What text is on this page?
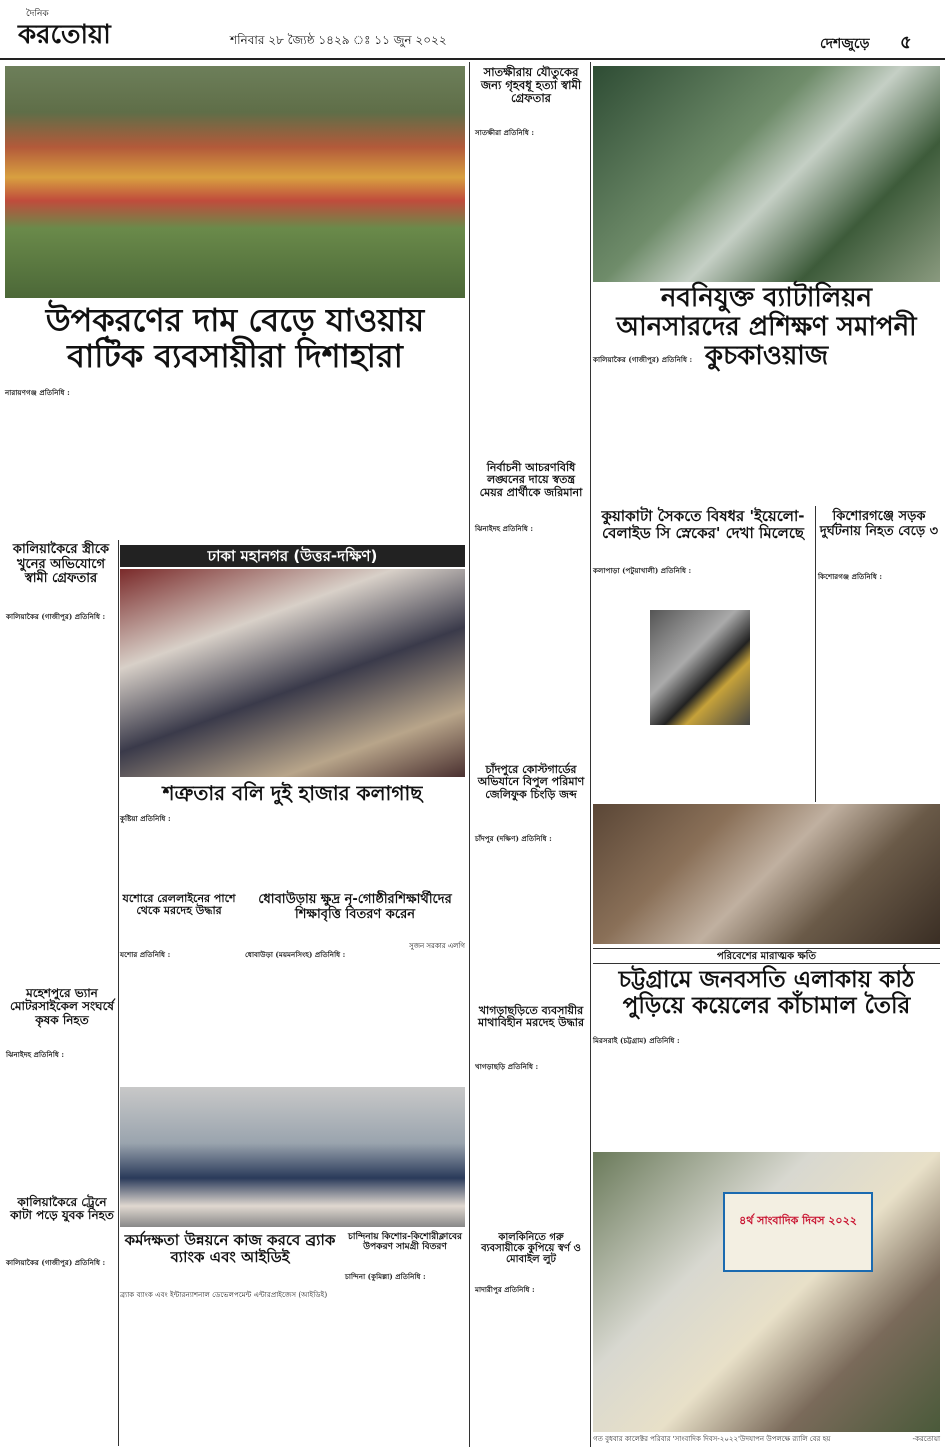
দৈনিক
করতোয়া	শনিবার ২৮ জ্যৈষ্ঠ ১৪২৯ ঃ ১১ জুন ২০২২	দেশজুড়ে	৫
উপকরণের দাম বেড়ে যাওয়ায় বাটিক ব্যবসায়ীরা দিশাহারা
নারায়ণগঞ্জ প্রতিনিধি :
সাতক্ষীরায় যৌতুকের জন্য গৃহবধূ হত্যা স্বামী গ্রেফতার
সাতক্ষীরা প্রতিনিধি :
নবনিযুক্ত ব্যাটালিয়ন আনসারদের প্রশিক্ষণ সমাপনী কুচকাওয়াজ
কালিয়াকৈর (গাজীপুর) প্রতিনিধি :
কালিয়াকৈরে স্ত্রীকে খুনের অভিযোগে স্বামী গ্রেফতার
কালিয়াকৈর (গাজীপুর) প্রতিনিধি :
ঢাকা মহানগর (উত্তর-দক্ষিণ)
নির্বাচনী আচরণবিধি লঙ্ঘনের দায়ে স্বতন্ত্র মেয়র প্রার্থীকে জরিমানা
ঝিনাইদহ প্রতিনিধি :
কুয়াকাটা সৈকতে বিষধর 'ইয়েলো-বেলাইড সি স্নেকের' দেখা মিলেছে
কলাপাড়া (পটুয়াখালী) প্রতিনিধি :
কিশোরগঞ্জে সড়ক দুর্ঘটনায় নিহত বেড়ে ৩
কিশোরগঞ্জ প্রতিনিধি :
শত্রুতার বলি দুই হাজার কলাগাছ
কুষ্টিয়া প্রতিনিধি :
যশোরে রেললাইনের পাশে থেকে মরদেহ উদ্ধার
যশোর প্রতিনিধি :
ধোবাউড়ায় ক্ষুদ্র নৃ-গোষ্ঠীরশিক্ষার্থীদের শিক্ষাবৃত্তি বিতরণ করেন
সুজন সরকার এলগি
ধোবাউড়া (ময়মনসিংহ) প্রতিনিধি :
চাঁদপুরে কোস্টগার্ডের অভিযানে বিপুল পরিমাণ জেলিফুক চিংড়ি জব্দ
চাঁদপুর (দক্ষিণ) প্রতিনিধি :
মহেশপুরে ভ্যান মোটরসাইকেল সংঘর্ষে কৃষক নিহত
ঝিনাইদহ প্রতিনিধি :
খাগড়াছড়িতে ব্যবসায়ীর মাথাবিহীন মরদেহ উদ্ধার
খাগড়াছড়ি প্রতিনিধি :
পরিবেশের মারাত্মক ক্ষতি
চট্টগ্রামে জনবসতি এলাকায় কাঠ পুড়িয়ে কয়েলের কাঁচামাল তৈরি
মিরসরাই (চট্টগ্রাম) প্রতিনিধি :
কালিয়াকৈরে ট্রেনে কাটা পড়ে যুবক নিহত
কালিয়াকৈর (গাজীপুর) প্রতিনিধি :
কর্মদক্ষতা উন্নয়নে কাজ করবে ব্র্যাক ব্যাংক এবং আইডিই
ব্র্যাক ব্যাংক এবং ইন্টারন্যাশনাল ডেভেলপমেন্ট এন্টারপ্রাইজেস (আইডিই)
চান্দিনায় কিশোর-কিশোরীক্লাবের উপকরণ সামগ্রী বিতরণ
চান্দিনা (কুমিল্লা) প্রতিনিধি :
কালকিনিতে গরু ব্যবসায়ীকে কুপিয়ে স্বর্ণ ও মোবাইল লুট
মাদারীপুর প্রতিনিধি :
৪র্থ সাংবাদিক দিবস ২০২২
গত বুধবার কালেক্টর পরিবার 'সাংবাদিক দিবস-২০২২'উদযাপন উপলক্ষে র‍্যালি বের হয়	-করতোয়া
